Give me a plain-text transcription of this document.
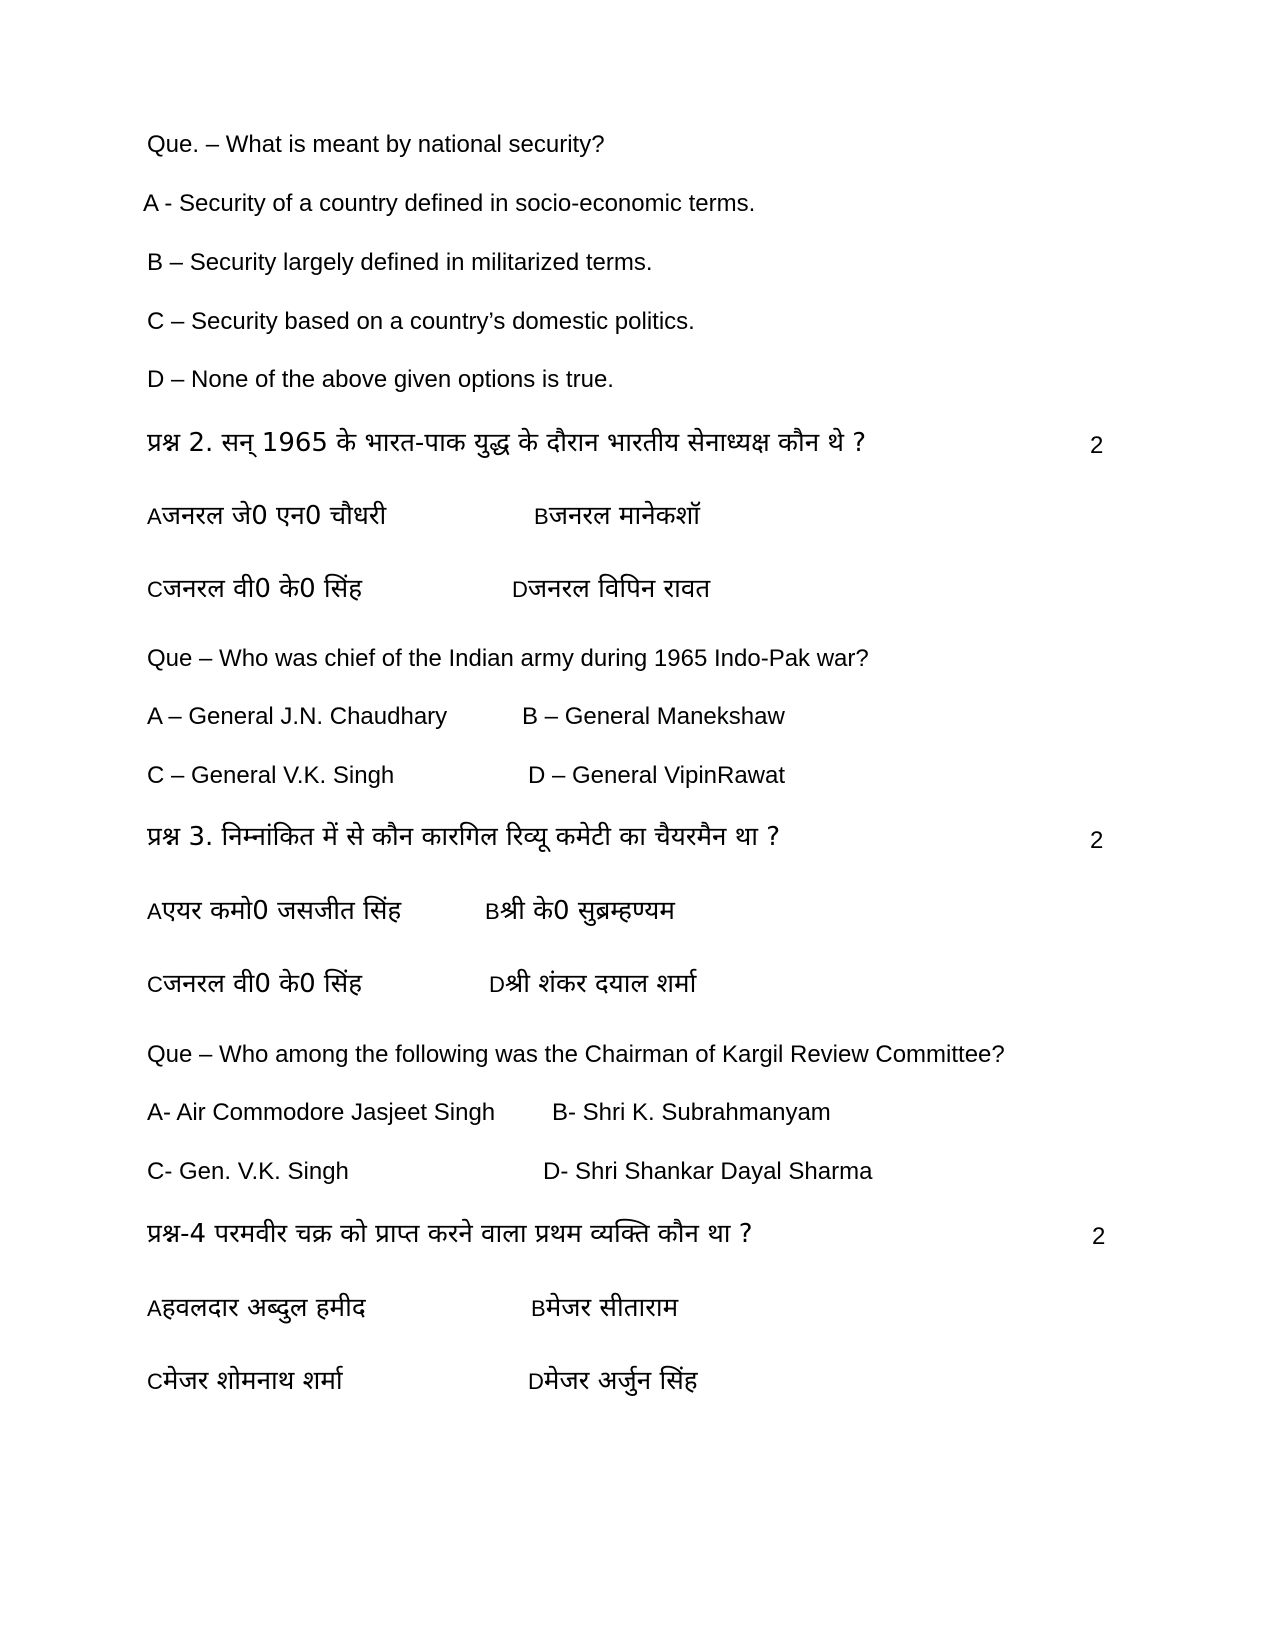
Que. – What is meant by national security?
A - Security of a country defined in socio-economic terms.
B – Security largely defined in militarized terms.
C – Security based on a country’s domestic politics.
D – None of the above given options is true.
प्रश्न 2. सन् 1965 के भारत-पाक युद्ध के दौरान भारतीय सेनाध्यक्ष कौन थे ?	2
Aजनरल जे0 एन0 चौधरी	Bजनरल मानेकशॉ
Cजनरल वी0 के0 सिंह	Dजनरल विपिन रावत
Que – Who was chief of the Indian army during 1965 Indo-Pak war?
A – General J.N. Chaudhary	B – General Manekshaw
C – General V.K. Singh	D – General VipinRawat
प्रश्न 3. निम्नांकित में से कौन कारगिल रिव्यू कमेटी का चैयरमैन था ?	2
Aएयर कमो0 जसजीत सिंह	Bश्री के0 सुब्रम्हण्यम
Cजनरल वी0 के0 सिंह	Dश्री शंकर दयाल शर्मा
Que – Who among the following was the Chairman of Kargil Review Committee?
A- Air Commodore Jasjeet Singh B- Shri K. Subrahmanyam
C- Gen. V.K. Singh	D- Shri Shankar Dayal Sharma
प्रश्न-4 परमवीर चक्र को प्राप्त करने वाला प्रथम व्यक्ति कौन था ?	2
Aहवलदार अब्दुल हमीद	Bमेजर सीताराम
Cमेजर शोमनाथ शर्मा	Dमेजर अर्जुन सिंह
